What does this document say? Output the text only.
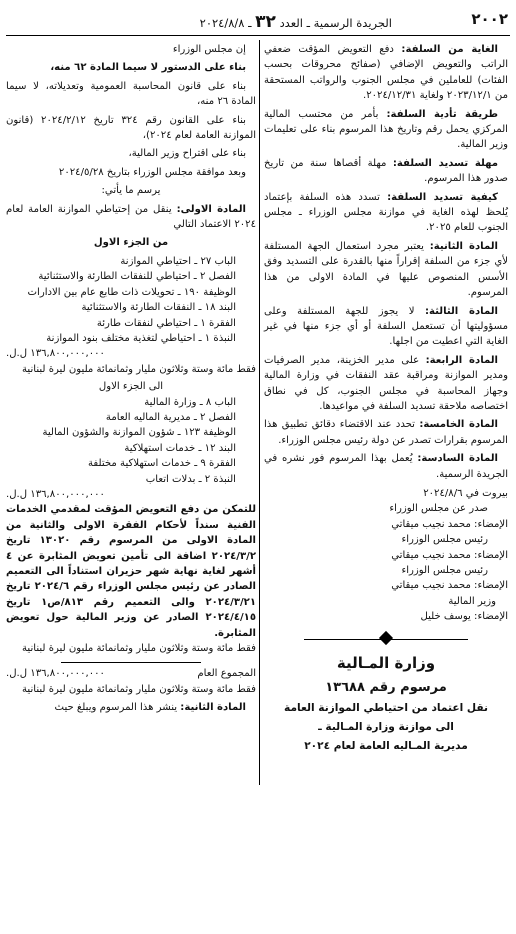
٢٠٠٢
الجريدة الرسمية ـ العدد ٣٢ ـ ٢٠٢٤/٨/٨

الغاية من السلفة: دفع التعويض المؤقت ضعفي الراتب والتعويض الإضافي (صفائح محروقات بحسب الفئات) للعاملين في مجلس الجنوب والرواتب المستحقة من ٢٠٢٣/١٢/١ ولغاية ٢٠٢٤/١٢/٣١.

طريقة تأدية السلفة: بأمر من محتسب المالية المركزي يحمل رقم وتاريخ هذا المرسوم بناء على تعليمات وزير المالية.

مهلة تسديد السلفة: مهلة أقصاها سنة من تاريخ صدور هذا المرسوم.

كيفية تسديد السلفة: تسدد هذه السلفة بإعتماد يُلحظ لهذه الغاية في موازنة مجلس الوزراء ـ مجلس الجنوب للعام ٢٠٢٥.

المادة الثانية: يعتبر مجرد استعمال الجهة المستلفة لأي جزء من السلفة إقراراً منها بالقدرة على التسديد وفق الأسس المنصوص عليها في المادة الاولى من هذا المرسوم.

المادة الثالثة: لا يجوز للجهة المستلفة وعلى مسؤوليتها أن تستعمل السلفة أو أي جزء منها في غير الغاية التي اعطيت من اجلها.

المادة الرابعة: على مدير الخزينة، مدير الصرفيات ومدير الموازنة ومراقبة عقد النفقات في وزارة المالية وجهاز المحاسبة في مجلس الجنوب، كل في نطاق اختصاصه ملاحقة تسديد السلفة في مواعيدها.

المادة الخامسة: تحدد عند الاقتضاء دقائق تطبيق هذا المرسوم بقرارات تصدر عن دولة رئيس مجلس الوزراء.

المادة السادسة: يُعمل بهذا المرسوم فور نشره في الجريدة الرسمية.

بيروت في ٢٠٢٤/٨/٦

صدر عن مجلس الوزراء

الإمضاء: محمد نجيب ميقاتي

رئيس مجلس الوزراء

الإمضاء: محمد نجيب ميقاتي

رئيس مجلس الوزراء

الإمضاء: محمد نجيب ميقاتي

وزير المالية

الإمضاء: يوسف خليل

وزارة المـالية

مرسوم رقم ١٣٦٨٨

نقل اعتماد من احتياطي الموازنة العامة

الى موازنة وزارة المـالية ـ

مديرية المـاليه العامة لعام ٢٠٢٤

إن مجلس الوزراء

بناء على الدستور لا سيما المادة ٦٢ منه،

بناء على قانون المحاسبة العمومية وتعديلاته، لا سيما المادة ٢٦ منه،

بناء على القانون رقم ٣٢٤ تاريخ ٢٠٢٤/٢/١٢ (قانون الموازنة العامة لعام ٢٠٢٤)،

بناء على اقتراح وزير المالية،

وبعد موافقة مجلس الوزراء بتاريخ ٢٠٢٤/٥/٢٨

يرسم ما يأتي:

المادة الاولى: ينقل من إحتياطي الموازنة العامة لعام ٢٠٢٤ الاعتماد التالي

من الجزء الاول

الباب ٢٧ ـ احتياطي الموازنة

الفصل ٢ ـ احتياطي للنفقات الطارئة والاستثنائية

الوظيفة ١٩٠ ـ تحويلات ذات طابع عام بين الادارات

البند ١٨ ـ النفقات الطارئة والاستثنائية

الفقرة ١ ـ احتياطي لنفقات طارئة

النبذة ١ ـ احتياطي لتغذية مختلف بنود الموازنة

١٣٦,٨٠٠,٠٠٠,٠٠٠ ل.ل.

فقط مائة وستة وثلاثون مليار وثمانمائة مليون ليرة لبنانية

الى الجزء الاول

الباب ٨ ـ وزارة المالية

الفصل ٢ ـ مديرية الماليه العامة

الوظيفة ١٢٣ ـ شؤون الموازنة والشؤون المالية

البند ١٢ ـ خدمات استهلاكية

الفقرة ٩ ـ خدمات استهلاكية مختلفة

النبذة ٢ ـ بدلات اتعاب

١٣٦,٨٠٠,٠٠٠,٠٠٠ ل.ل.

للتمكن من دفع التعويض المؤقت لمقدمي الخدمات الفنية سنداً لأحكام الفقرة الاولى والثانية من المادة الاولى من المرسوم رقم ١٣٠٢٠ تاريخ ٢٠٢٤/٣/٢ اضافة الى تأمين تعويض المثابرة عن ٤ أشهر لغاية نهاية شهر حزيران استناداً الى التعميم الصادر عن رئيس مجلس الوزراء رقم ٢٠٢٤/٦ تاريخ ٢٠٢٤/٣/٢١ والى التعميم رقم ٨١٣/ص١ تاريخ ٢٠٢٤/٤/١٥ الصادر عن وزير المالية حول تعويض المثابرة.

فقط مائة وستة وثلاثون مليار وثمانمائة مليون ليرة لبنانية

المجموع العام
١٣٦,٨٠٠,٠٠٠,٠٠٠ ل.ل.

فقط مائة وستة وثلاثون مليار وثمانمائة مليون ليرة لبنانية

المادة الثانية: ينشر هذا المرسوم ويبلغ حيث
